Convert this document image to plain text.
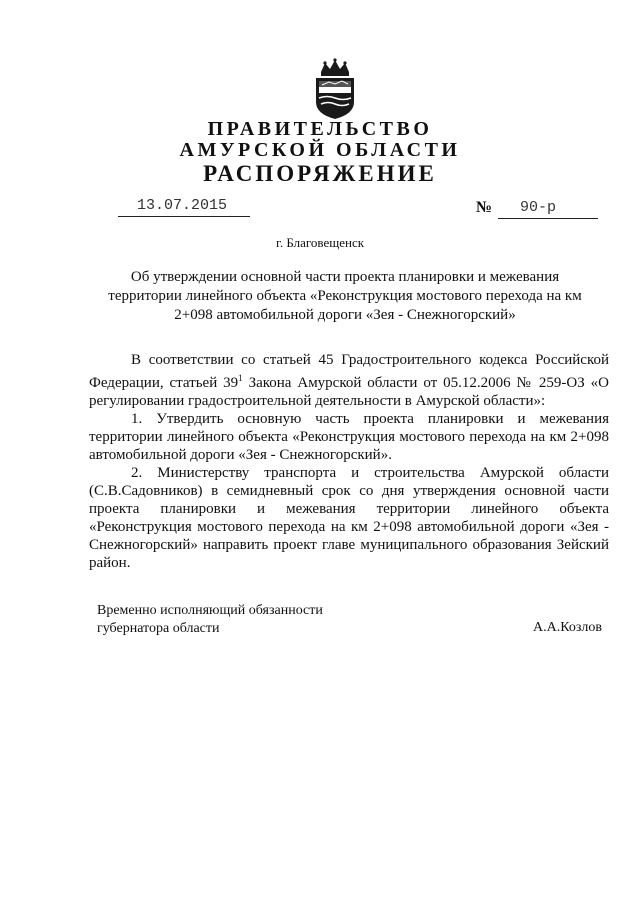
ПРАВИТЕЛЬСТВО
АМУРСКОЙ ОБЛАСТИ
РАСПОРЯЖЕНИЕ
13.07.2015	№ 90-р
г. Благовещенск

Об утверждении основной части проекта планировки и межевания территории линейного объекта «Реконструкция мостового перехода на км 2+098 автомобильной дороги «Зея - Снежногорский»

В соответствии со статьей 45 Градостроительного кодекса Российской Федерации, статьей $39^1$ Закона Амурской области от 05.12.2006 № 259-ОЗ «О регулировании градостроительной деятельности в Амурской области»:

1. Утвердить основную часть проекта планировки и межевания территории линейного объекта «Реконструкция мостового перехода на км 2+098 автомобильной дороги «Зея - Снежногорский».

2. Министерству транспорта и строительства Амурской области (С.В.Садовников) в семидневный срок со дня утверждения основной части проекта планировки и межевания территории линейного объекта «Реконструкция мостового перехода на км 2+098 автомобильной дороги «Зея - Снежногорский» направить проект главе муниципального образования Зейский район.

Временно исполняющий обязанности
губернатора области	А.А.Козлов
